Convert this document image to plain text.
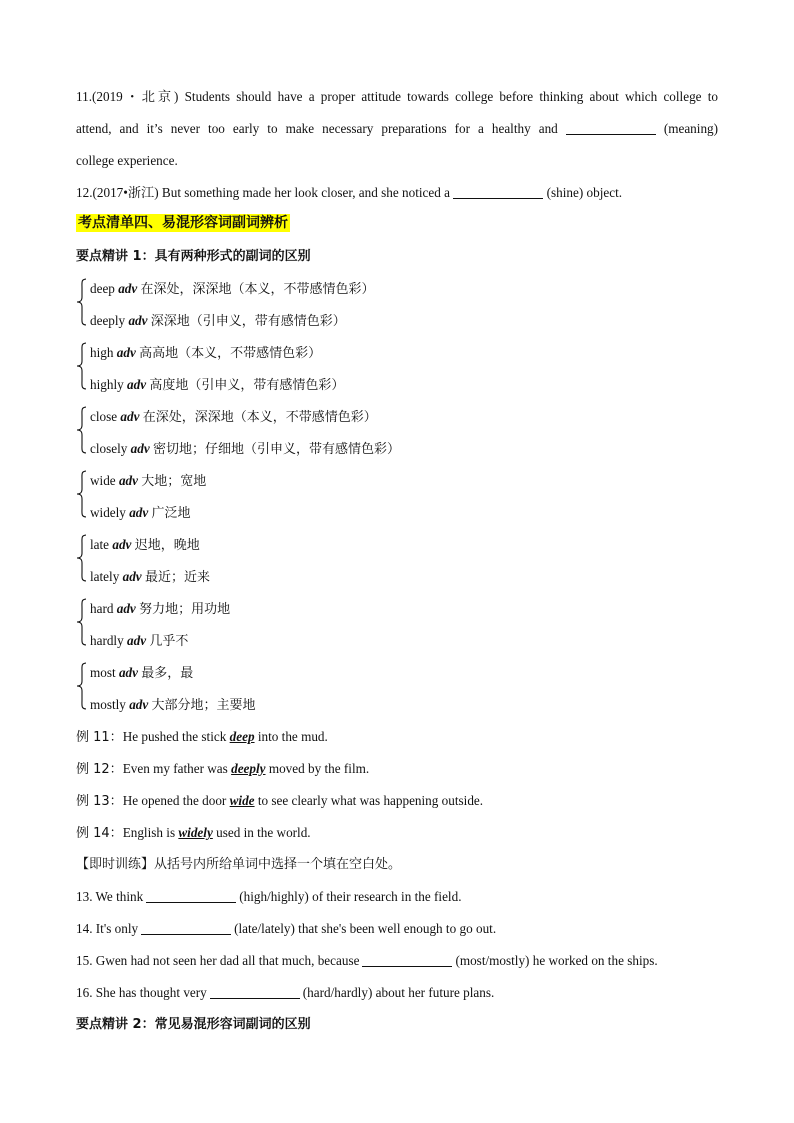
11.(2019・北京) Students should have a proper attitude towards college before thinking about which college to
attend, and it’s never too early to make necessary preparations for a healthy and	(meaning)
college experience.
12.(2017•浙江) But something made her look closer, and she noticed a	(shine) object.
考点清单四、易混形容词副词辨析
要点精讲 1：具有两种形式的副词的区别
deep adv 在深处，深深地（本义，不带感情色彩）
deeply adv 深深地（引申义，带有感情色彩）
high adv 高高地（本义，不带感情色彩）
highly adv 高度地（引申义，带有感情色彩）
close adv 在深处，深深地（本义，不带感情色彩）
closely adv 密切地；仔细地（引申义，带有感情色彩）
wide adv 大地；宽地
widely adv 广泛地
late adv 迟地，晚地
lately adv 最近；近来
hard adv 努力地；用功地
hardly adv 几乎不
most adv 最多，最
mostly adv 大部分地；主要地
例 11：He pushed the stick deep into the mud.
例 12：Even my father was deeply moved by the film.
例 13：He opened the door wide to see clearly what was happening outside.
例 14：English is widely used in the world.
【即时训练】从括号内所给单词中选择一个填在空白处。
13. We think	(high/highly) of their research in the field.
14. It's only	(late/lately) that she's been well enough to go out.
15. Gwen had not seen her dad all that much, because	(most/mostly) he worked on the ships.
16. She has thought very	(hard/hardly) about her future plans.
要点精讲 2：常见易混形容词副词的区别
